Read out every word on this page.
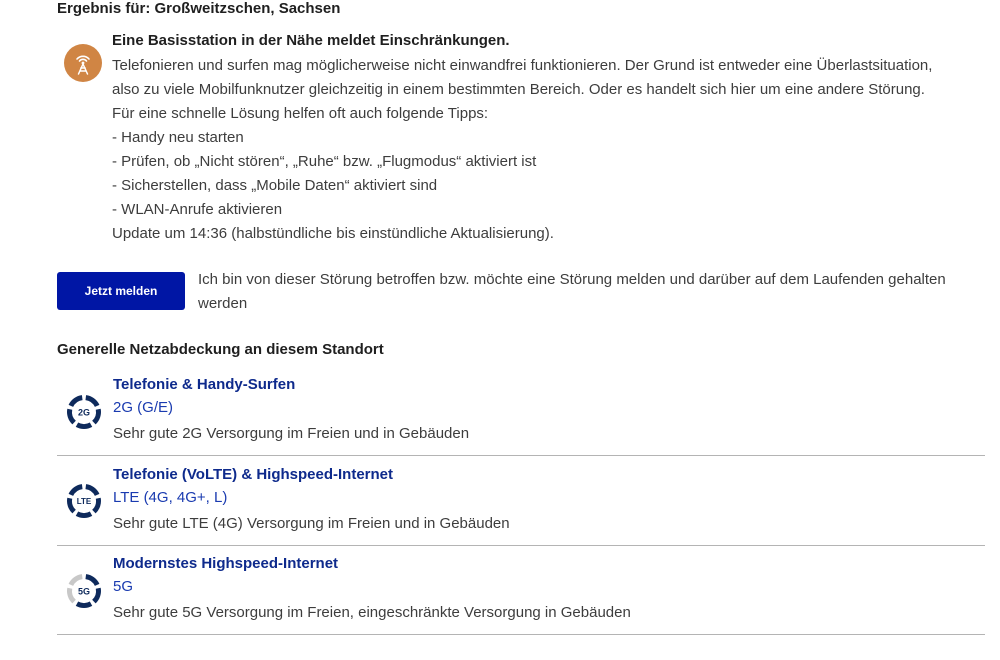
Ergebnis für: Großweitzschen, Sachsen
Eine Basisstation in der Nähe meldet Einschränkungen.
Telefonieren und surfen mag möglicherweise nicht einwandfrei funktionieren. Der Grund ist entweder eine Überlastsituation,
also zu viele Mobilfunknutzer gleichzeitig in einem bestimmten Bereich. Oder es handelt sich hier um eine andere Störung.
Für eine schnelle Lösung helfen oft auch folgende Tipps:
- Handy neu starten
- Prüfen, ob „Nicht stören“, „Ruhe“ bzw. „Flugmodus“ aktiviert ist
- Sicherstellen, dass „Mobile Daten“ aktiviert sind
- WLAN-Anrufe aktivieren
Update um 14:36 (halbstündliche bis einstündliche Aktualisierung).
Jetzt melden
Ich bin von dieser Störung betroffen bzw. möchte eine Störung melden und darüber auf dem Laufenden gehalten werden
Generelle Netzabdeckung an diesem Standort
2G
Telefonie & Handy-Surfen
2G (G/E)
Sehr gute 2G Versorgung im Freien und in Gebäuden
LTE
Telefonie (VoLTE) & Highspeed-Internet
LTE (4G, 4G+, L)
Sehr gute LTE (4G) Versorgung im Freien und in Gebäuden
5G
Modernstes Highspeed-Internet
5G
Sehr gute 5G Versorgung im Freien, eingeschränkte Versorgung in Gebäuden
